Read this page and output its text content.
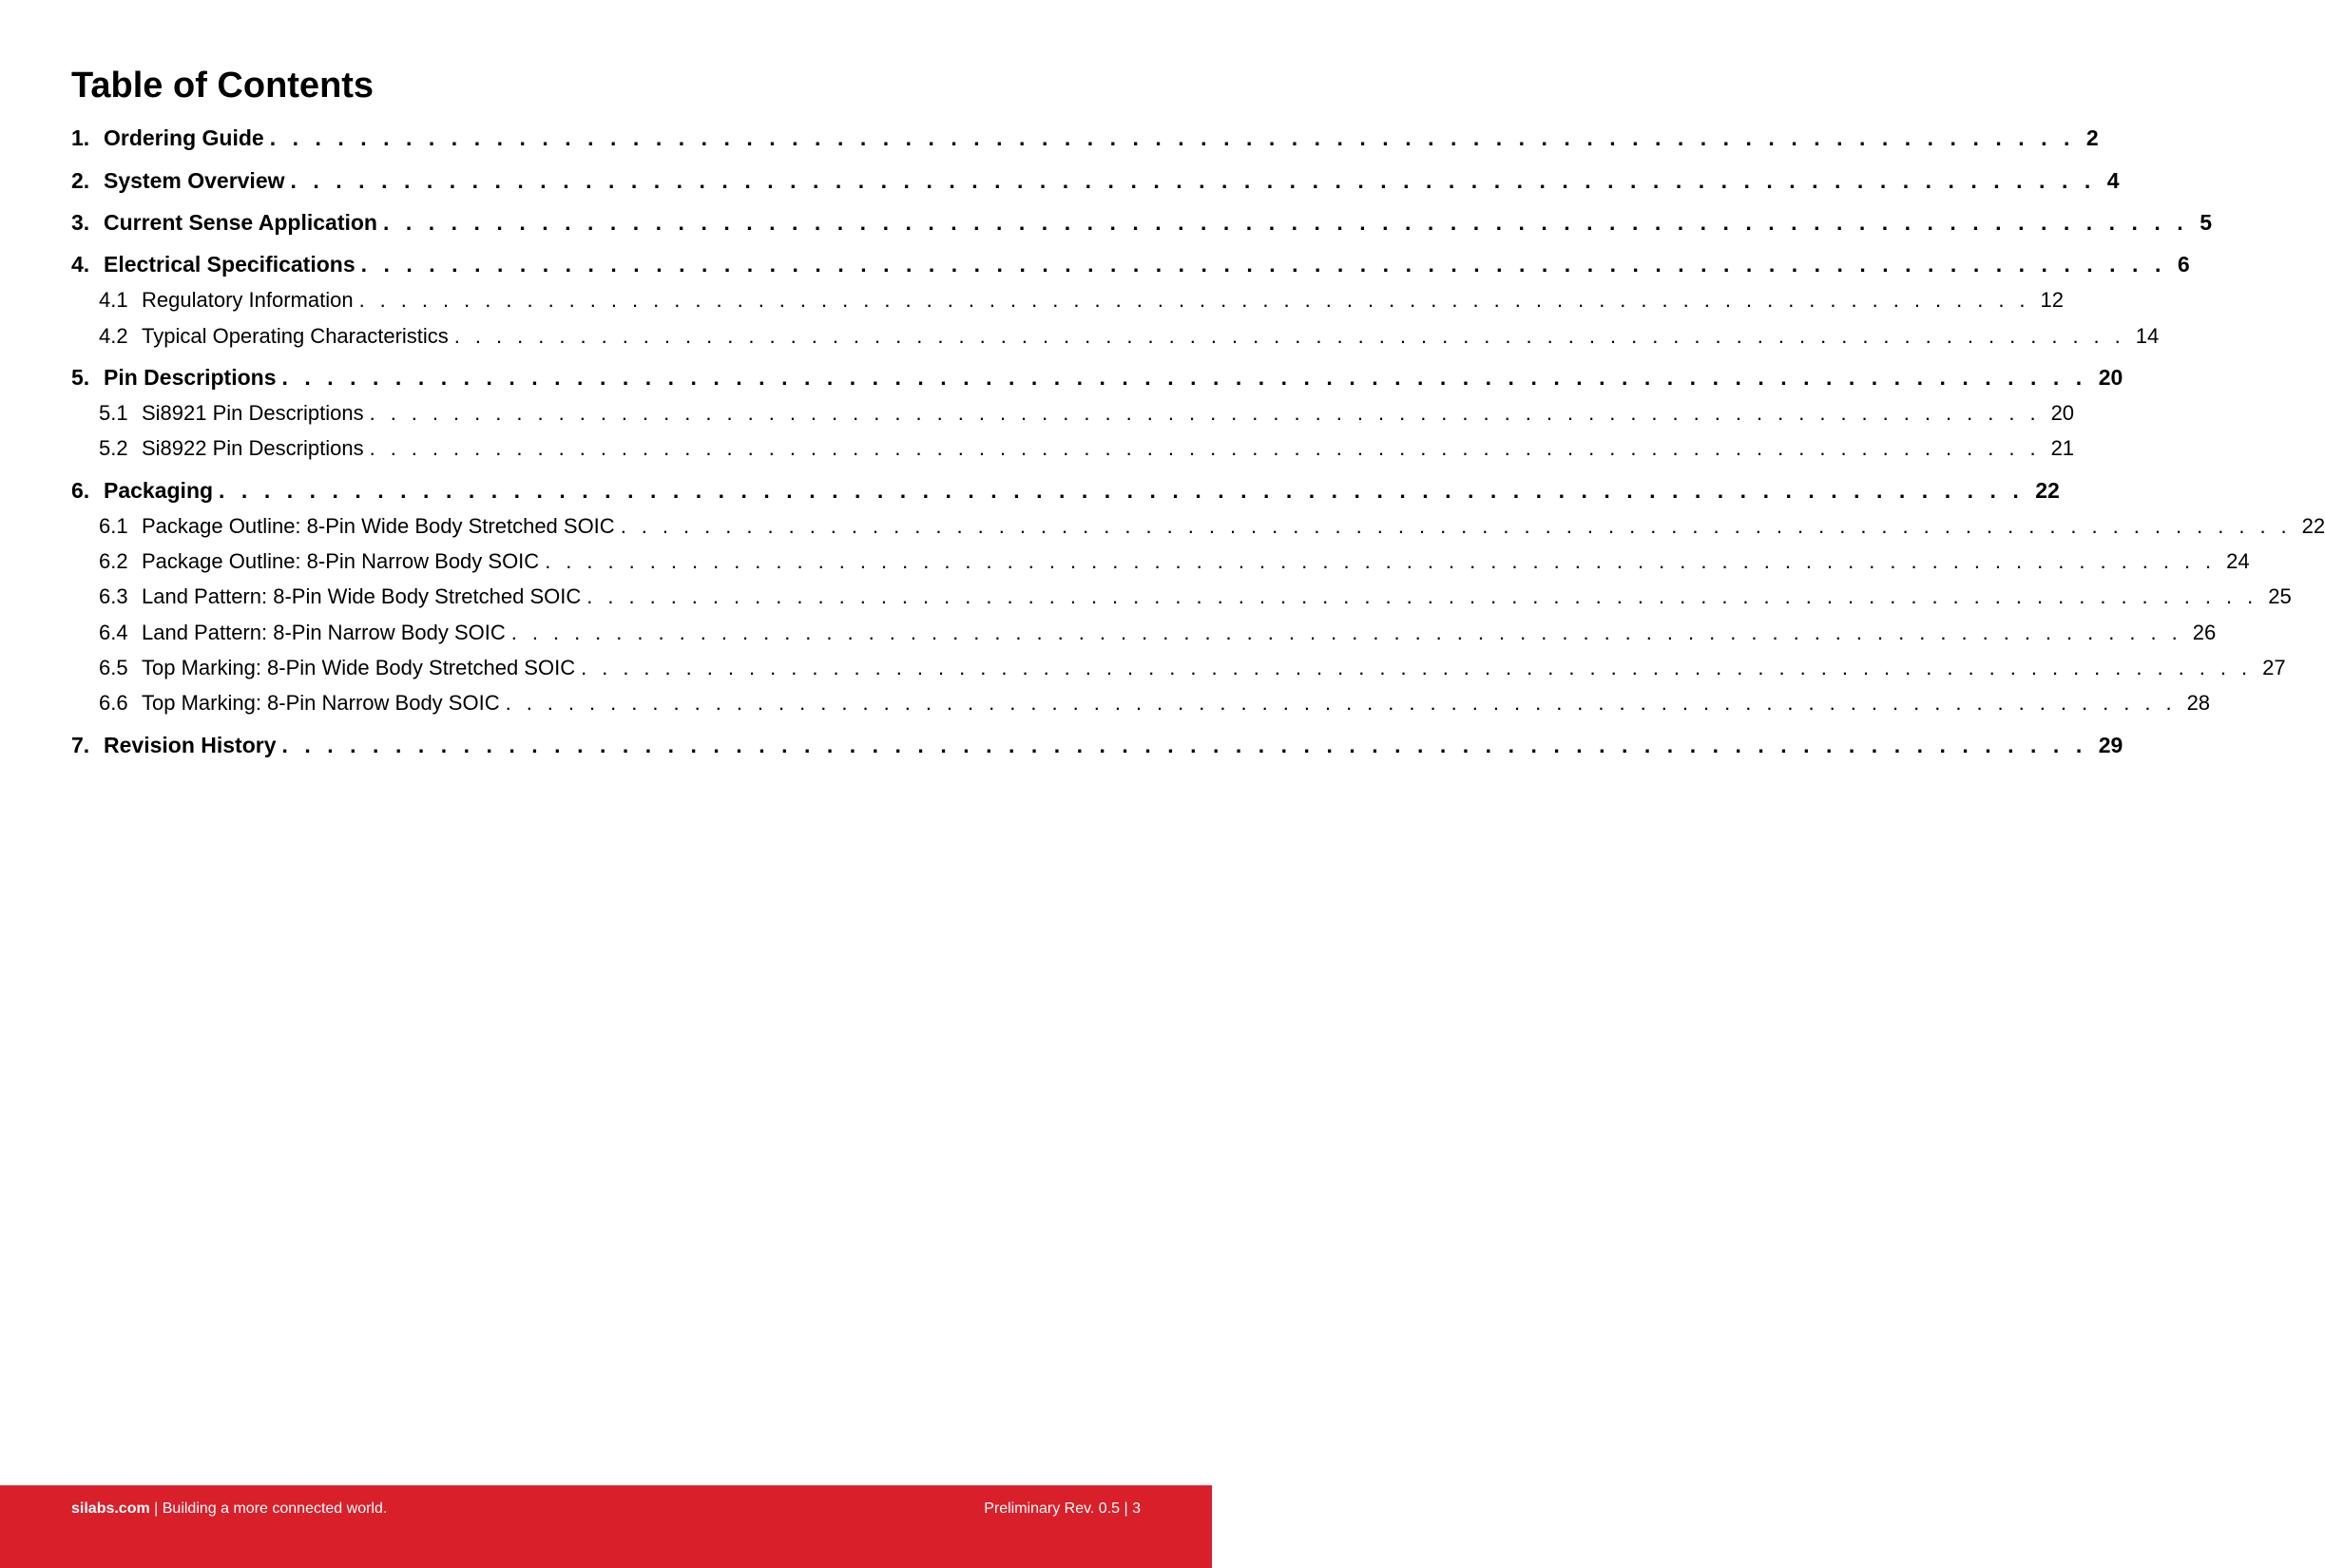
Table of Contents
1. Ordering Guide ................................................................................ 2
2. System Overview ................................................................................ 4
3. Current Sense Application ................................................................................ 5
4. Electrical Specifications ................................................................................ 6
4.1 Regulatory Information ................................................................................ 12
4.2 Typical Operating Characteristics ................................................................................ 14
5. Pin Descriptions ................................................................................ 20
5.1 Si8921 Pin Descriptions ................................................................................ 20
5.2 Si8922 Pin Descriptions ................................................................................ 21
6. Packaging ................................................................................ 22
6.1 Package Outline: 8-Pin Wide Body Stretched SOIC ................................................................................ 22
6.2 Package Outline: 8-Pin Narrow Body SOIC ................................................................................ 24
6.3 Land Pattern: 8-Pin Wide Body Stretched SOIC ................................................................................ 25
6.4 Land Pattern: 8-Pin Narrow Body SOIC ................................................................................ 26
6.5 Top Marking: 8-Pin Wide Body Stretched SOIC ................................................................................ 27
6.6 Top Marking: 8-Pin Narrow Body SOIC ................................................................................ 28
7. Revision History ................................................................................ 29
silabs.com | Building a more connected world.	Preliminary Rev. 0.5 | 3
